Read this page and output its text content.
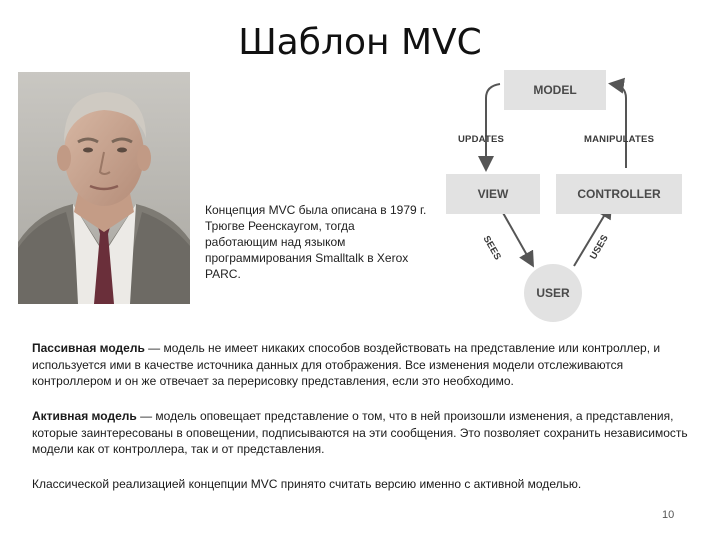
Шаблон MVC
Концепция MVC была описана в 1979 г. Трюгве Реенскаугом, тогда работающим над языком программирования Smalltalk в Xerox PARC.
MODEL
VIEW	CONTROLLER
USER
UPDATES	MANIPULATES
SEES	USES
Пассивная модель — модель не имеет никаких способов воздействовать на представление или контроллер, и используется ими в качестве источника данных для отображения. Все изменения модели отслеживаются контроллером и он же отвечает за перерисовку представления, если это необходимо.
Активная модель — модель оповещает представление о том, что в ней произошли изменения, а представления, которые заинтересованы в оповещении, подписываются на эти сообщения. Это позволяет сохранить независимость модели как от контроллера, так и от представления.
Классической реализацией концепции MVC принято считать версию именно с активной моделью.
10
